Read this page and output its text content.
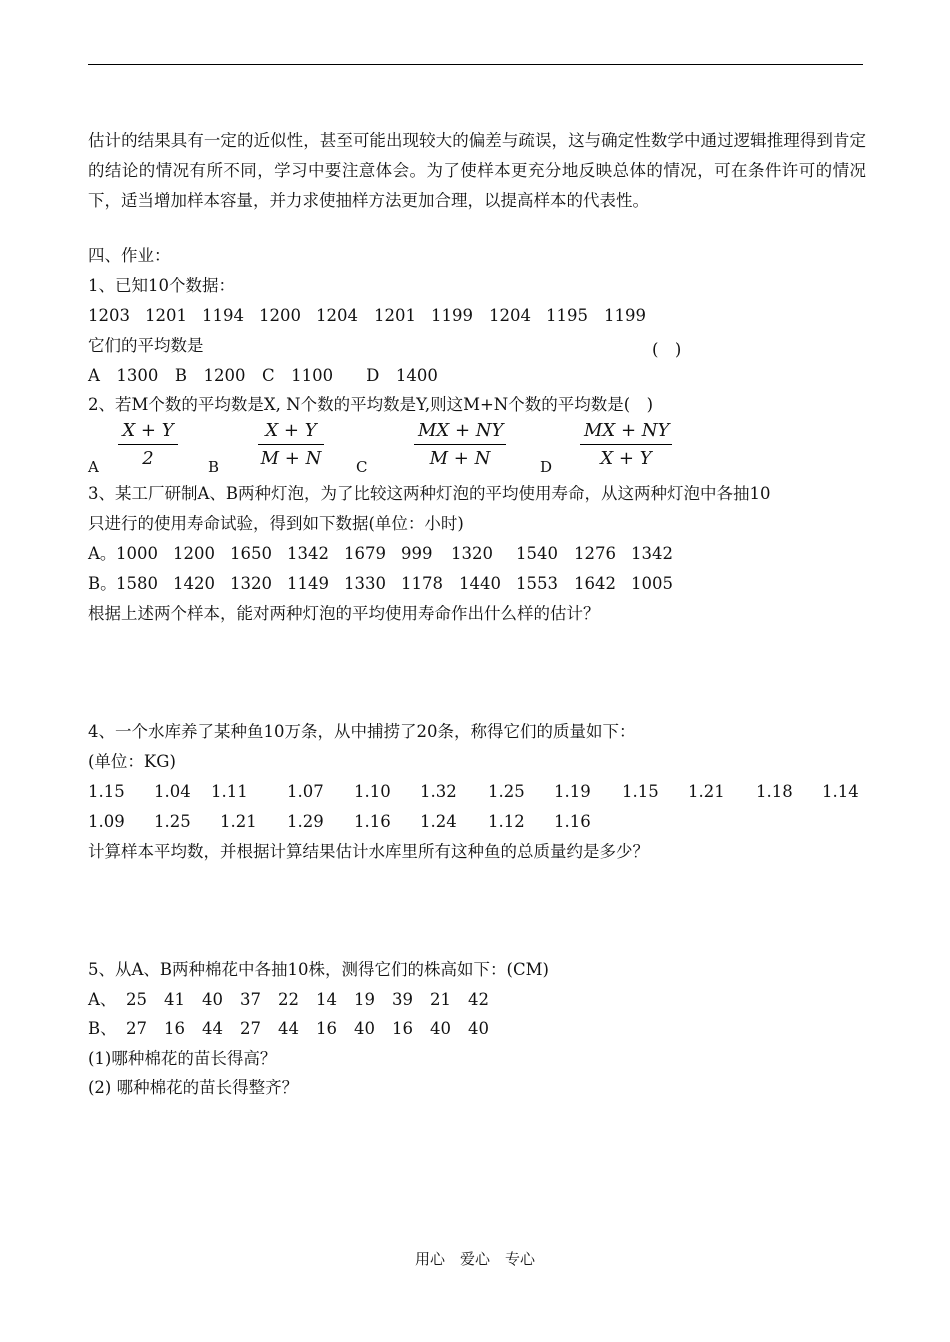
估计的结果具有一定的近似性，甚至可能出现较大的偏差与疏误，这与确定性数学中通过逻辑推理得到肯定的结论的情况有所不同，学习中要注意体会。为了使样本更充分地反映总体的情况，可在条件许可的情况下，适当增加样本容量，并力求使抽样方法更加合理，以提高样本的代表性。
四、作业：
1、已知10个数据：
1203 1201 1194 1200 1204 1201 1199 1204 1195 1199
它们的平均数是	(　)
A　1300　B　1200　C　1100　　D　1400
2、若M个数的平均数是X, N个数的平均数是Y,则这M+N个数的平均数是(　)
A $\frac{X + Y}{2}$ B $\frac{X + Y}{M + N}$ C	$\frac{MX + NY}{M + N}$ D $\frac{MX + NY}{X + Y}$
3、某工厂研制A、B两种灯泡，为了比较这两种灯泡的平均使用寿命，从这两种灯泡中各抽10
只进行的使用寿命试验，得到如下数据(单位：小时)
A。 1000 1200 1650 1342 1679 999 1320 1540 1276 1342
B。 1580 1420 1320 1149 1330 1178 1440 1553 1642 1005
根据上述两个样本，能对两种灯泡的平均使用寿命作出什么样的估计？
4、一个水库养了某种鱼10万条，从中捕捞了20条，称得它们的质量如下：
(单位：KG)
1.15 1.04 1.11 1.07 1.10 1.32 1.25 1.19 1.15 1.21 1.18 1.14
1.09 1.25 1.21 1.29 1.16 1.24 1.12 1.16
计算样本平均数，并根据计算结果估计水库里所有这种鱼的总质量约是多少？
5、从A、B两种棉花中各抽10株，测得它们的株高如下：(CM)
A、 25 41 40 37 22 14 19 39 21 42
B、 27 16 44 27 44 16 40 16 40 40
(1)哪种棉花的苗长得高？
(2) 哪种棉花的苗长得整齐？
用心　爱心　专心
